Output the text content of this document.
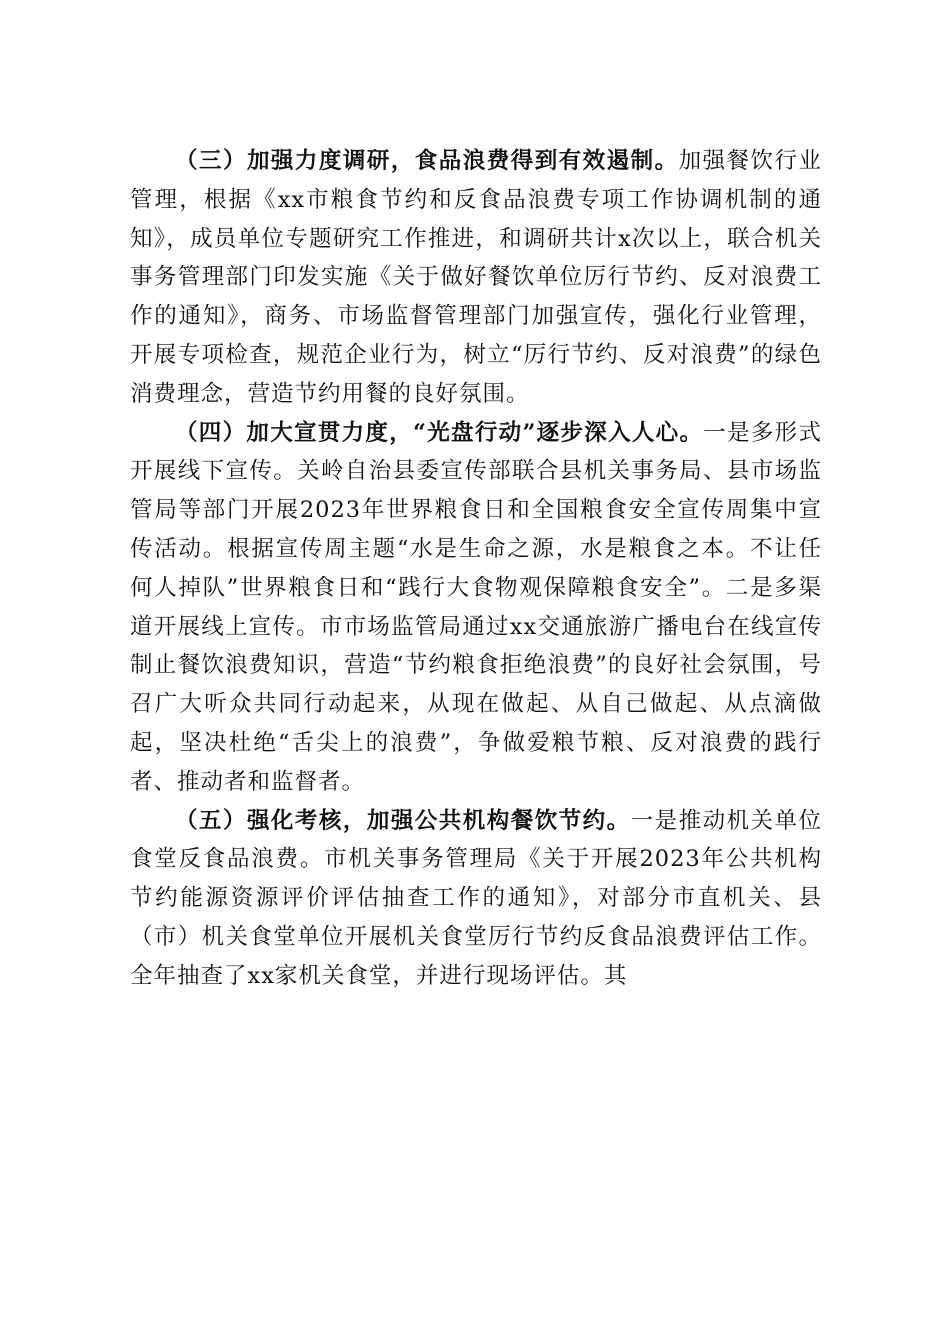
（三）加强力度调研，食品浪费得到有效遏制。加强餐饮行业管理，根据《xx市粮食节约和反食品浪费专项工作协调机制的通知》，成员单位专题研究工作推进，和调研共计x次以上，联合机关事务管理部门印发实施《关于做好餐饮单位厉行节约、反对浪费工作的通知》，商务、市场监督管理部门加强宣传，强化行业管理，开展专项检查，规范企业行为，树立“厉行节约、反对浪费”的绿色消费理念，营造节约用餐的良好氛围。

（四）加大宣贯力度，“光盘行动”逐步深入人心。一是多形式开展线下宣传。关岭自治县委宣传部联合县机关事务局、县市场监管局等部门开展2023年世界粮食日和全国粮食安全宣传周集中宣传活动。根据宣传周主题“水是生命之源，水是粮食之本。不让任何人掉队”世界粮食日和“践行大食物观保障粮食安全”。二是多渠道开展线上宣传。市市场监管局通过xx交通旅游广播电台在线宣传制止餐饮浪费知识，营造“节约粮食拒绝浪费”的良好社会氛围，号召广大听众共同行动起来，从现在做起、从自己做起、从点滴做起，坚决杜绝“舌尖上的浪费”，争做爱粮节粮、反对浪费的践行者、推动者和监督者。

（五）强化考核，加强公共机构餐饮节约。一是推动机关单位食堂反食品浪费。市机关事务管理局《关于开展2023年公共机构节约能源资源评价评估抽查工作的通知》，对部分市直机关、县（市）机关食堂单位开展机关食堂厉行节约反食品浪费评估工作。全年抽查了xx家机关食堂，并进行现场评估。其
